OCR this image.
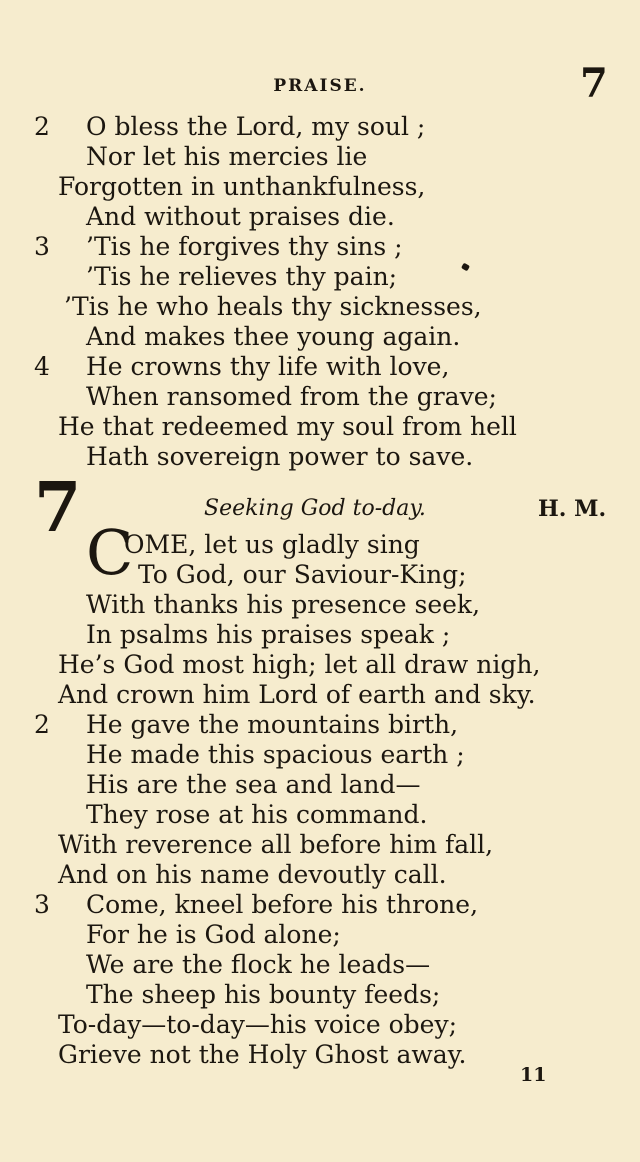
PRAISE.	7
2 O bless the Lord, my soul ;
Nor let his mercies lie
Forgotten in unthankfulness,
And without praises die.
3 ’Tis he forgives thy sins ;
’Tis he relieves thy pain;
’Tis he who heals thy sicknesses,
And makes thee young again.
4 He crowns thy life with love,
When ransomed from the grave;
He that redeemed my soul from hell
Hath sovereign power to save.
7	Seeking God to-day.	H. M.
C
OME, let us gladly sing
To God, our Saviour-King;
With thanks his presence seek,
In psalms his praises speak ;
He’s God most high; let all draw nigh,
And crown him Lord of earth and sky.
2 He gave the mountains birth,
He made this spacious earth ;
His are the sea and land—
They rose at his command.
With reverence all before him fall,
And on his name devoutly call.
3 Come, kneel before his throne,
For he is God alone;
We are the flock he leads—
The sheep his bounty feeds;
To-day—to-day—his voice obey;
Grieve not the Holy Ghost away.
11
